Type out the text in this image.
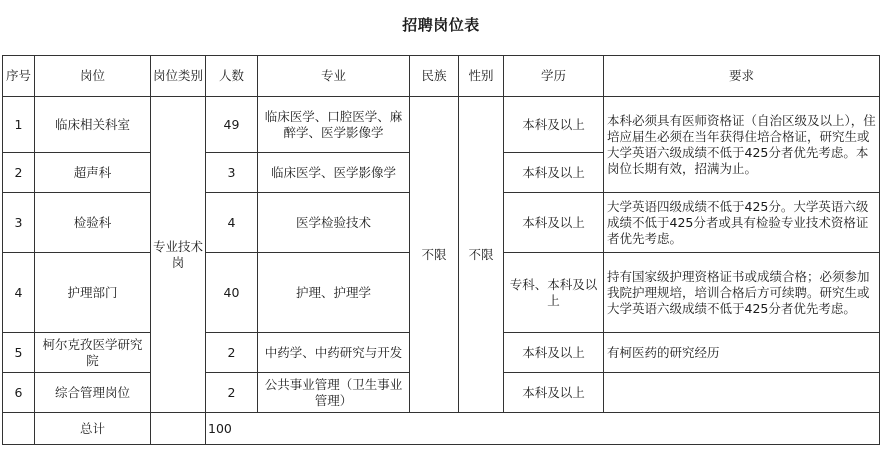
招聘岗位表
序号	岗位	岗位类别	人数	专业	民族	性别	学历	要求
1	临床相关科室	专业技术岗	49	临床医学、口腔医学、麻醉学、医学影像学	不限	不限	本科及以上	本科必须具有医师资格证（自治区级及以上），住培应届生必须在当年获得住培合格证，研究生或大学英语六级成绩不低于425分者优先考虑。本岗位长期有效，招满为止。
2	超声科		3	临床医学、医学影像学			本科及以上	
3	检验科		4	医学检验技术			本科及以上	大学英语四级成绩不低于425分。大学英语六级成绩不低于425分者或具有检验专业技术资格证者优先考虑。
4	护理部门		40	护理、护理学			专科、本科及以上	持有国家级护理资格证书或成绩合格；必须参加我院护理规培，培训合格后方可续聘。研究生或大学英语六级成绩不低于425分者优先考虑。
5	柯尔克孜医学研究院		2	中药学、中药研究与开发			本科及以上	有柯医药的研究经历
6	综合管理岗位		2	公共事业管理（卫生事业管理）			本科及以上	
	总计		100					
